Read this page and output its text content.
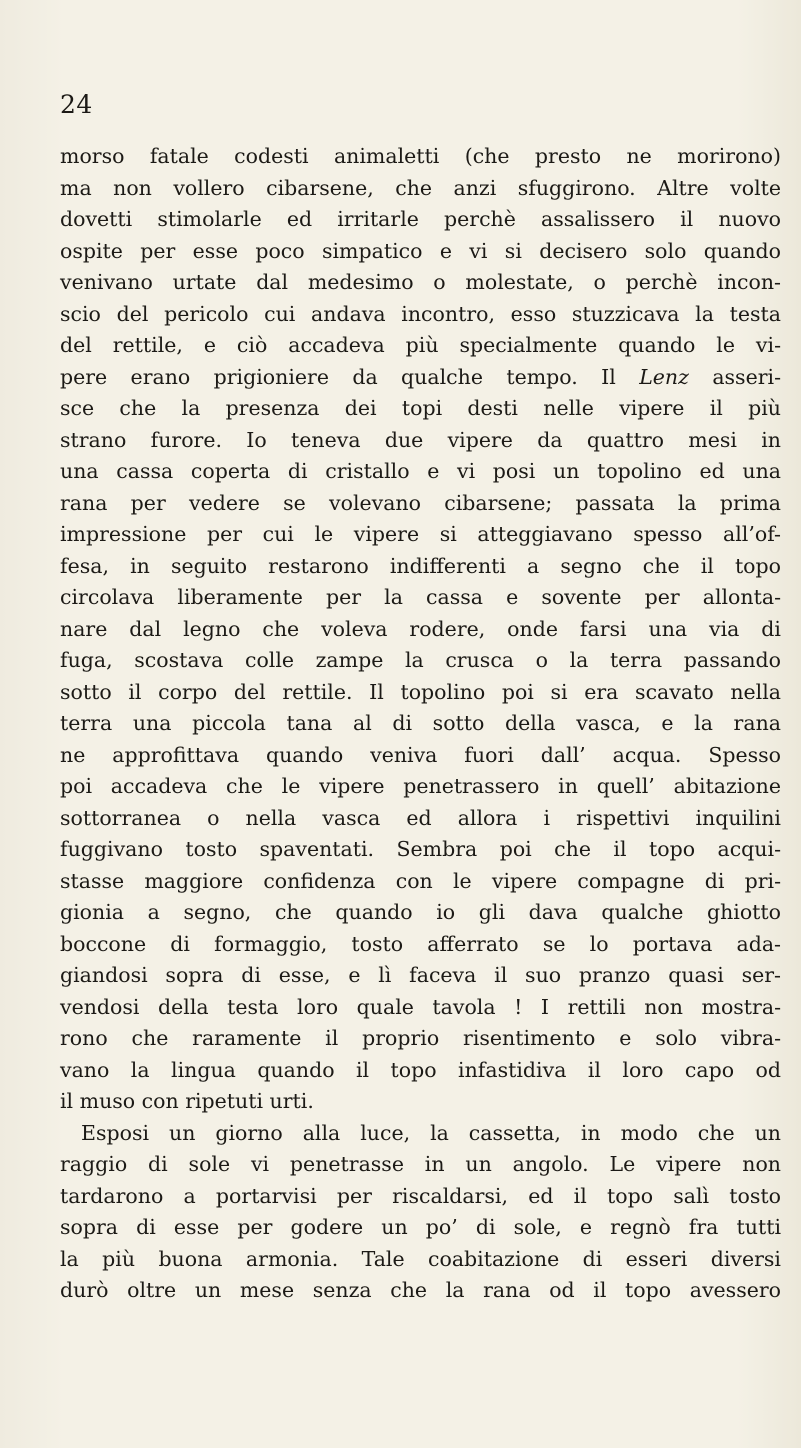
24
morso fatale codesti animaletti (che presto ne morirono)
ma non vollero cibarsene, che anzi sfuggirono. Altre volte
dovetti stimolarle ed irritarle perchè assalissero il nuovo
ospite per esse poco simpatico e vi si decisero solo quando
venivano urtate dal medesimo o molestate, o perchè incon-
scio del pericolo cui andava incontro, esso stuzzicava la testa
del rettile, e ciò accadeva più specialmente quando le vi-
pere erano prigioniere da qualche tempo. Il Lenz asseri-
sce che la presenza dei topi desti nelle vipere il più
strano furore. Io teneva due vipere da quattro mesi in
una cassa coperta di cristallo e vi posi un topolino ed una
rana per vedere se volevano cibarsene; passata la prima
impressione per cui le vipere si atteggiavano spesso all’of-
fesa, in seguito restarono indifferenti a segno che il topo
circolava liberamente per la cassa e sovente per allonta-
nare dal legno che voleva rodere, onde farsi una via di
fuga, scostava colle zampe la crusca o la terra passando
sotto il corpo del rettile. Il topolino poi si era scavato nella
terra una piccola tana al di sotto della vasca, e la rana
ne approfittava quando veniva fuori dall’ acqua. Spesso
poi accadeva che le vipere penetrassero in quell’ abitazione
sottorranea o nella vasca ed allora i rispettivi inquilini
fuggivano tosto spaventati. Sembra poi che il topo acqui-
stasse maggiore confidenza con le vipere compagne di pri-
gionia a segno, che quando io gli dava qualche ghiotto
boccone di formaggio, tosto afferrato se lo portava ada-
giandosi sopra di esse, e lì faceva il suo pranzo quasi ser-
vendosi della testa loro quale tavola ! I rettili non mostra-
rono che raramente il proprio risentimento e solo vibra-
vano la lingua quando il topo infastidiva il loro capo od
il muso con ripetuti urti.
Esposi un giorno alla luce, la cassetta, in modo che un
raggio di sole vi penetrasse in un angolo. Le vipere non
tardarono a portarvisi per riscaldarsi, ed il topo salì tosto
sopra di esse per godere un po’ di sole, e regnò fra tutti
la più buona armonia. Tale coabitazione di esseri diversi
durò oltre un mese senza che la rana od il topo avessero
